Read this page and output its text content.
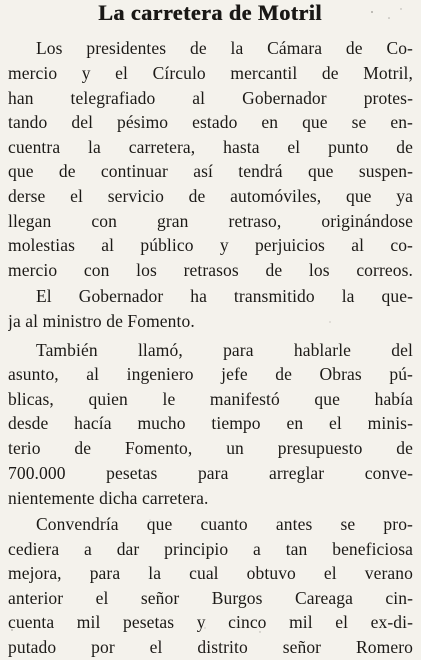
La carretera de Motril
Los presidentes de la Cámara de Co-
mercio y el Círculo mercantil de Motril,
han telegrafiado al Gobernador protes-
tando del pésimo estado en que se en-
cuentra la carretera, hasta el punto de
que de continuar así tendrá que suspen-
derse el servicio de automóviles, que ya
llegan con gran retraso, originándose
molestias al público y perjuicios al co-
mercio con los retrasos de los correos.
El Gobernador ha transmitido la que-
ja al ministro de Fomento.
También llamó, para hablarle del
asunto, al ingeniero jefe de Obras pú-
blicas, quien le manifestó que había
desde hacía mucho tiempo en el minis-
terio de Fomento, un presupuesto de
700.000 pesetas para arreglar conve-
nientemente dicha carretera.
Convendría que cuanto antes se pro-
cediera a dar principio a tan beneficiosa
mejora, para la cual obtuvo el verano
anterior el señor Burgos Careaga cin-
cuenta mil pesetas y cinco mil el ex-di-
putado por el distrito señor Romero
